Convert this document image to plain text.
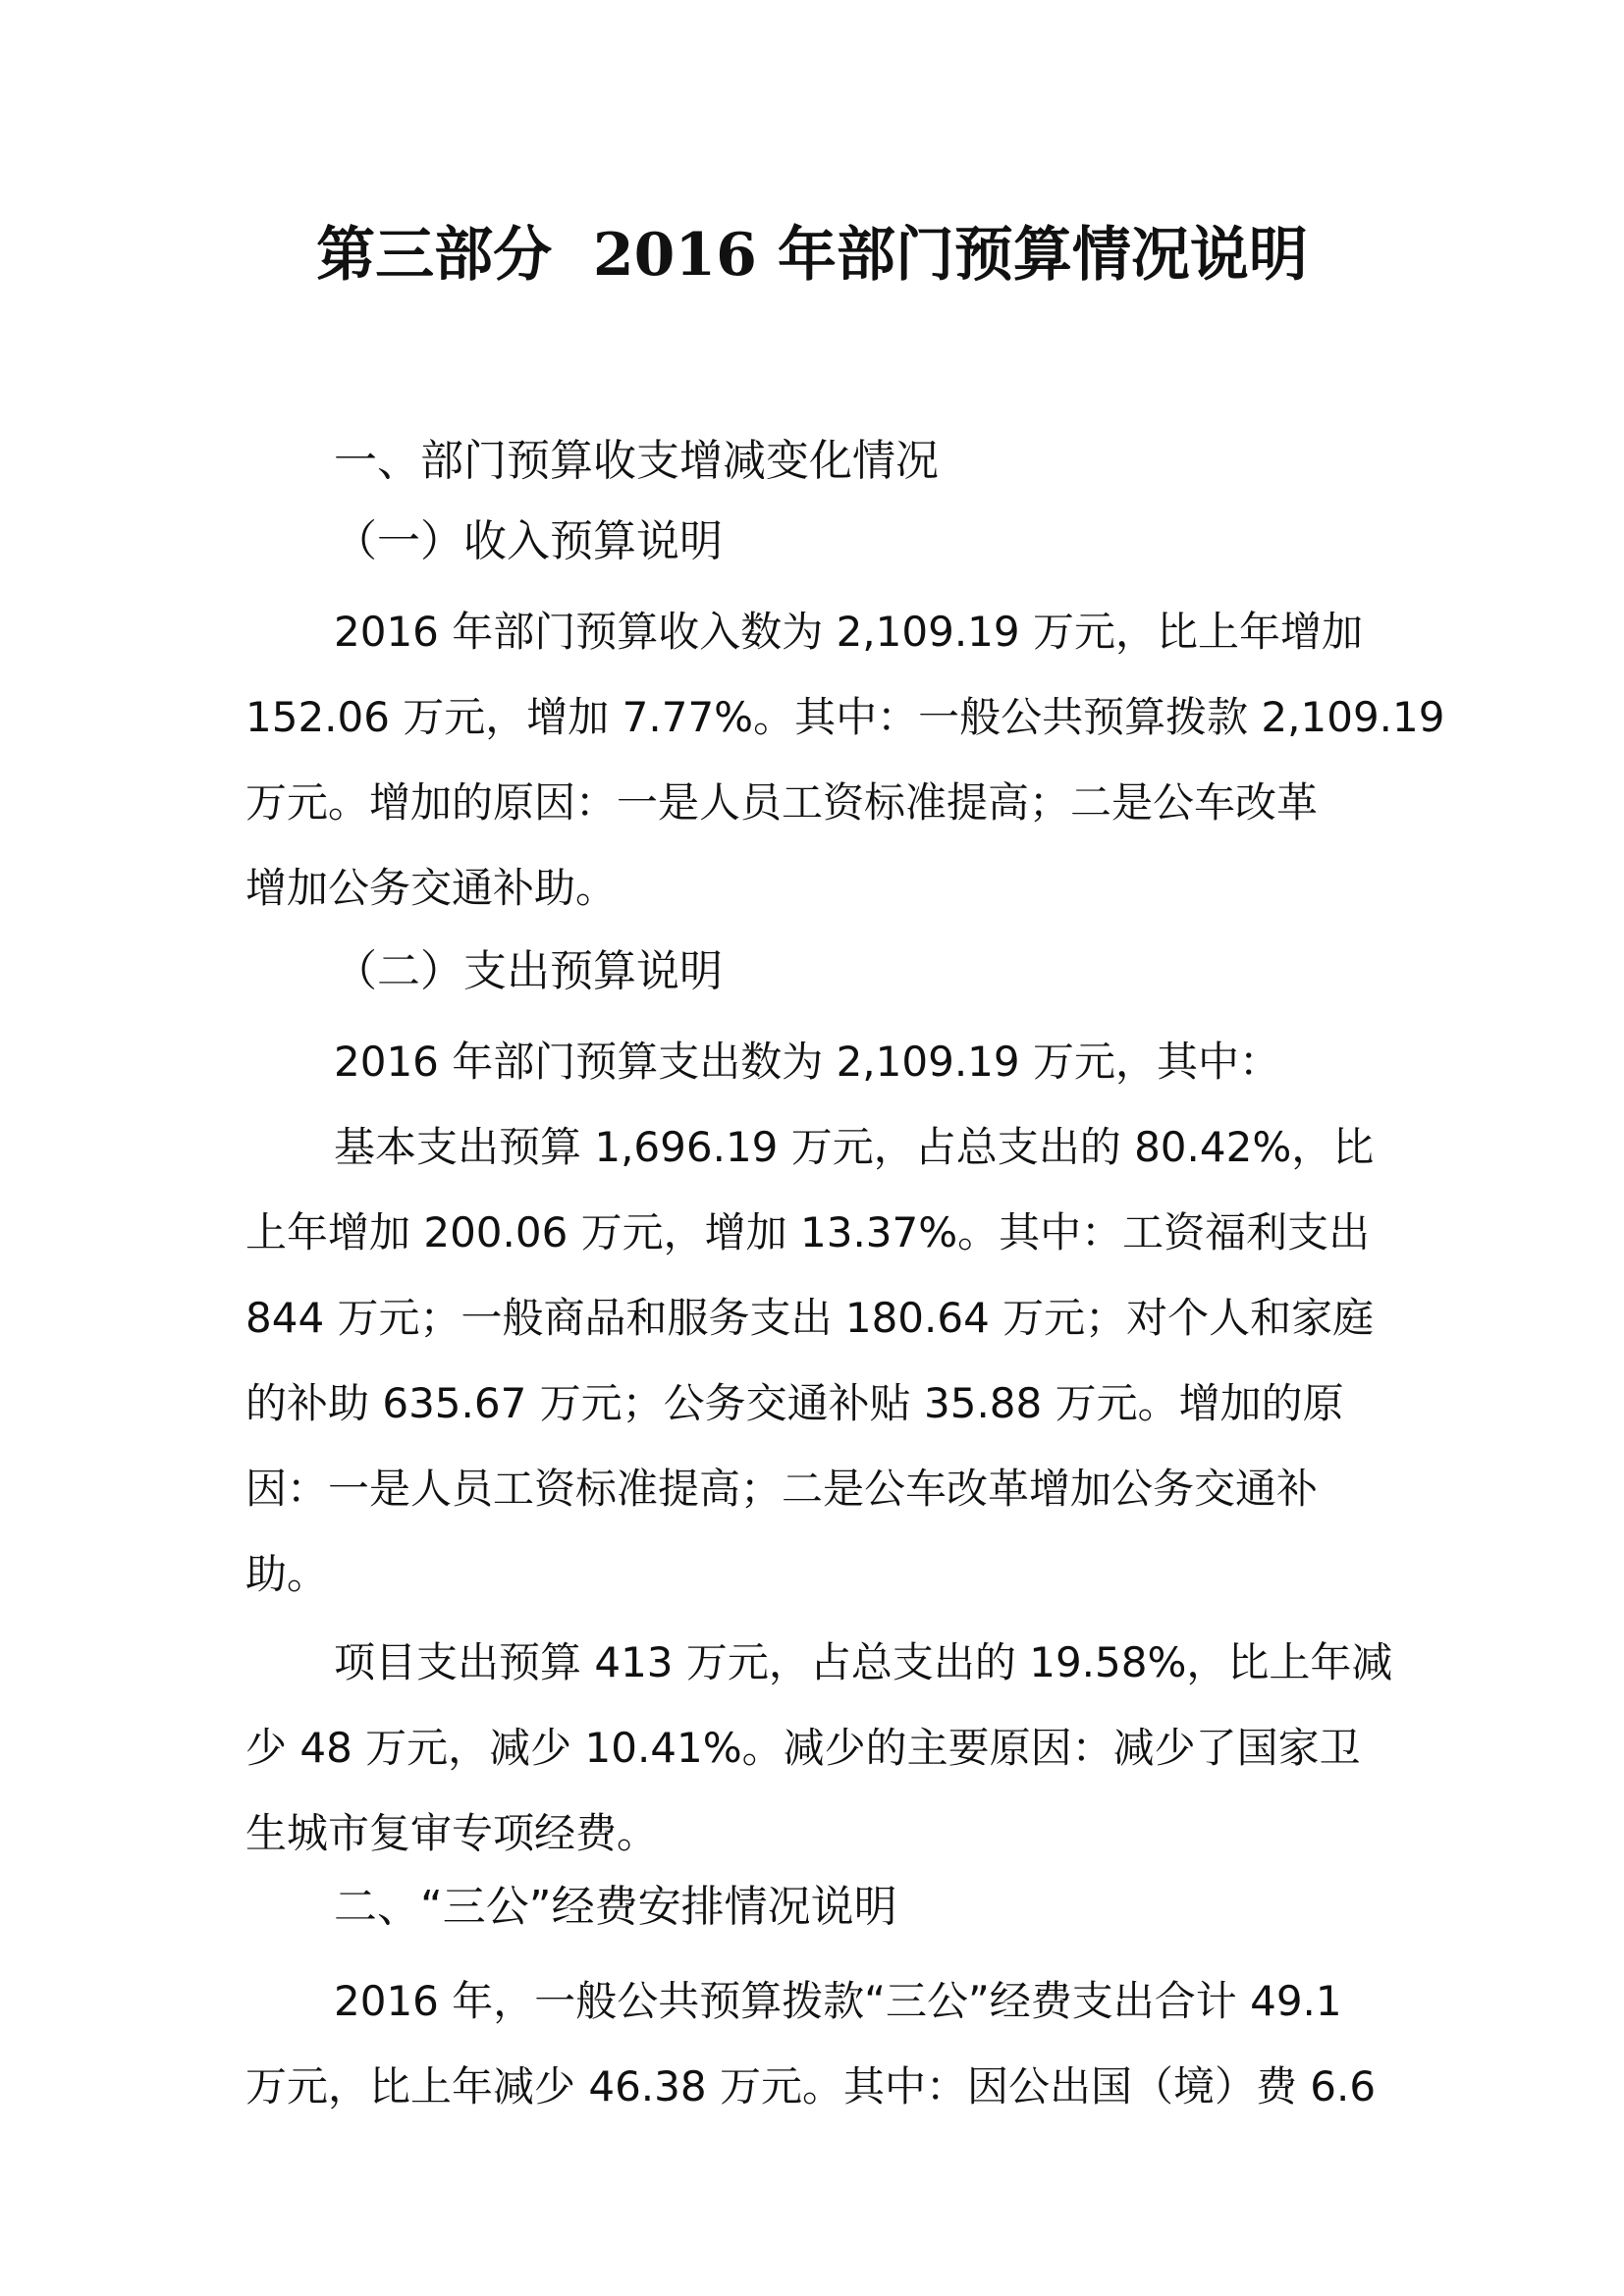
第三部分  2016 年部门预算情况说明
一、部门预算收支增减变化情况
（一）收入预算说明
2016 年部门预算收入数为 2,109.19 万元，比上年增加
152.06 万元，增加 7.77%。其中：一般公共预算拨款 2,109.19
万元。增加的原因：一是人员工资标准提高；二是公车改革
增加公务交通补助。
（二）支出预算说明
2016 年部门预算支出数为 2,109.19 万元，其中：
基本支出预算 1,696.19 万元，占总支出的 80.42%，比
上年增加 200.06 万元，增加 13.37%。其中：工资福利支出
844 万元；一般商品和服务支出 180.64 万元；对个人和家庭
的补助 635.67 万元；公务交通补贴 35.88 万元。增加的原
因：一是人员工资标准提高；二是公车改革增加公务交通补
助。
项目支出预算 413 万元，占总支出的 19.58%，比上年减
少 48 万元，减少 10.41%。减少的主要原因：减少了国家卫
生城市复审专项经费。
二、“三公”经费安排情况说明
2016 年，一般公共预算拨款“三公”经费支出合计 49.1
万元，比上年减少 46.38 万元。其中：因公出国（境）费 6.6
